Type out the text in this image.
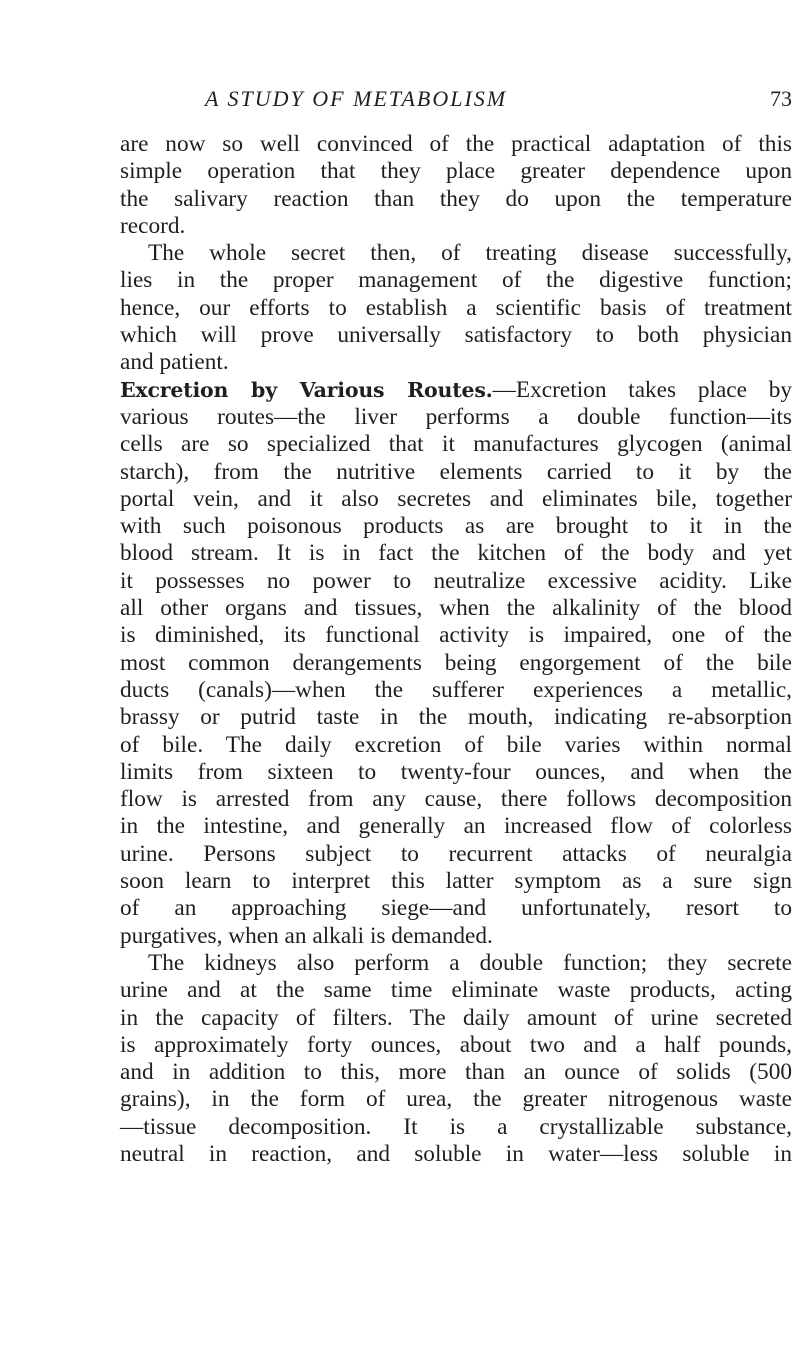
A STUDY OF METABOLISM	73
are now so well convinced of the practical adaptation of this
simple operation that they place greater dependence upon
the salivary reaction than they do upon the temperature
record.
The whole secret then, of treating disease successfully,
lies in the proper management of the digestive function;
hence, our efforts to establish a scientific basis of treatment
which will prove universally satisfactory to both physician
and patient.
Excretion by Various Routes.—Excretion takes place by
various routes—the liver performs a double function—its
cells are so specialized that it manufactures glycogen (animal
starch), from the nutritive elements carried to it by the
portal vein, and it also secretes and eliminates bile, together
with such poisonous products as are brought to it in the
blood stream. It is in fact the kitchen of the body and yet
it possesses no power to neutralize excessive acidity. Like
all other organs and tissues, when the alkalinity of the blood
is diminished, its functional activity is impaired, one of the
most common derangements being engorgement of the bile
ducts (canals)—when the sufferer experiences a metallic,
brassy or putrid taste in the mouth, indicating re-absorption
of bile. The daily excretion of bile varies within normal
limits from sixteen to twenty-four ounces, and when the
flow is arrested from any cause, there follows decomposition
in the intestine, and generally an increased flow of colorless
urine. Persons subject to recurrent attacks of neuralgia
soon learn to interpret this latter symptom as a sure sign
of an approaching siege—and unfortunately, resort to
purgatives, when an alkali is demanded.
The kidneys also perform a double function; they secrete
urine and at the same time eliminate waste products, acting
in the capacity of filters. The daily amount of urine secreted
is approximately forty ounces, about two and a half pounds,
and in addition to this, more than an ounce of solids (500
grains), in the form of urea, the greater nitrogenous waste
—tissue decomposition. It is a crystallizable substance,
neutral in reaction, and soluble in water—less soluble in
